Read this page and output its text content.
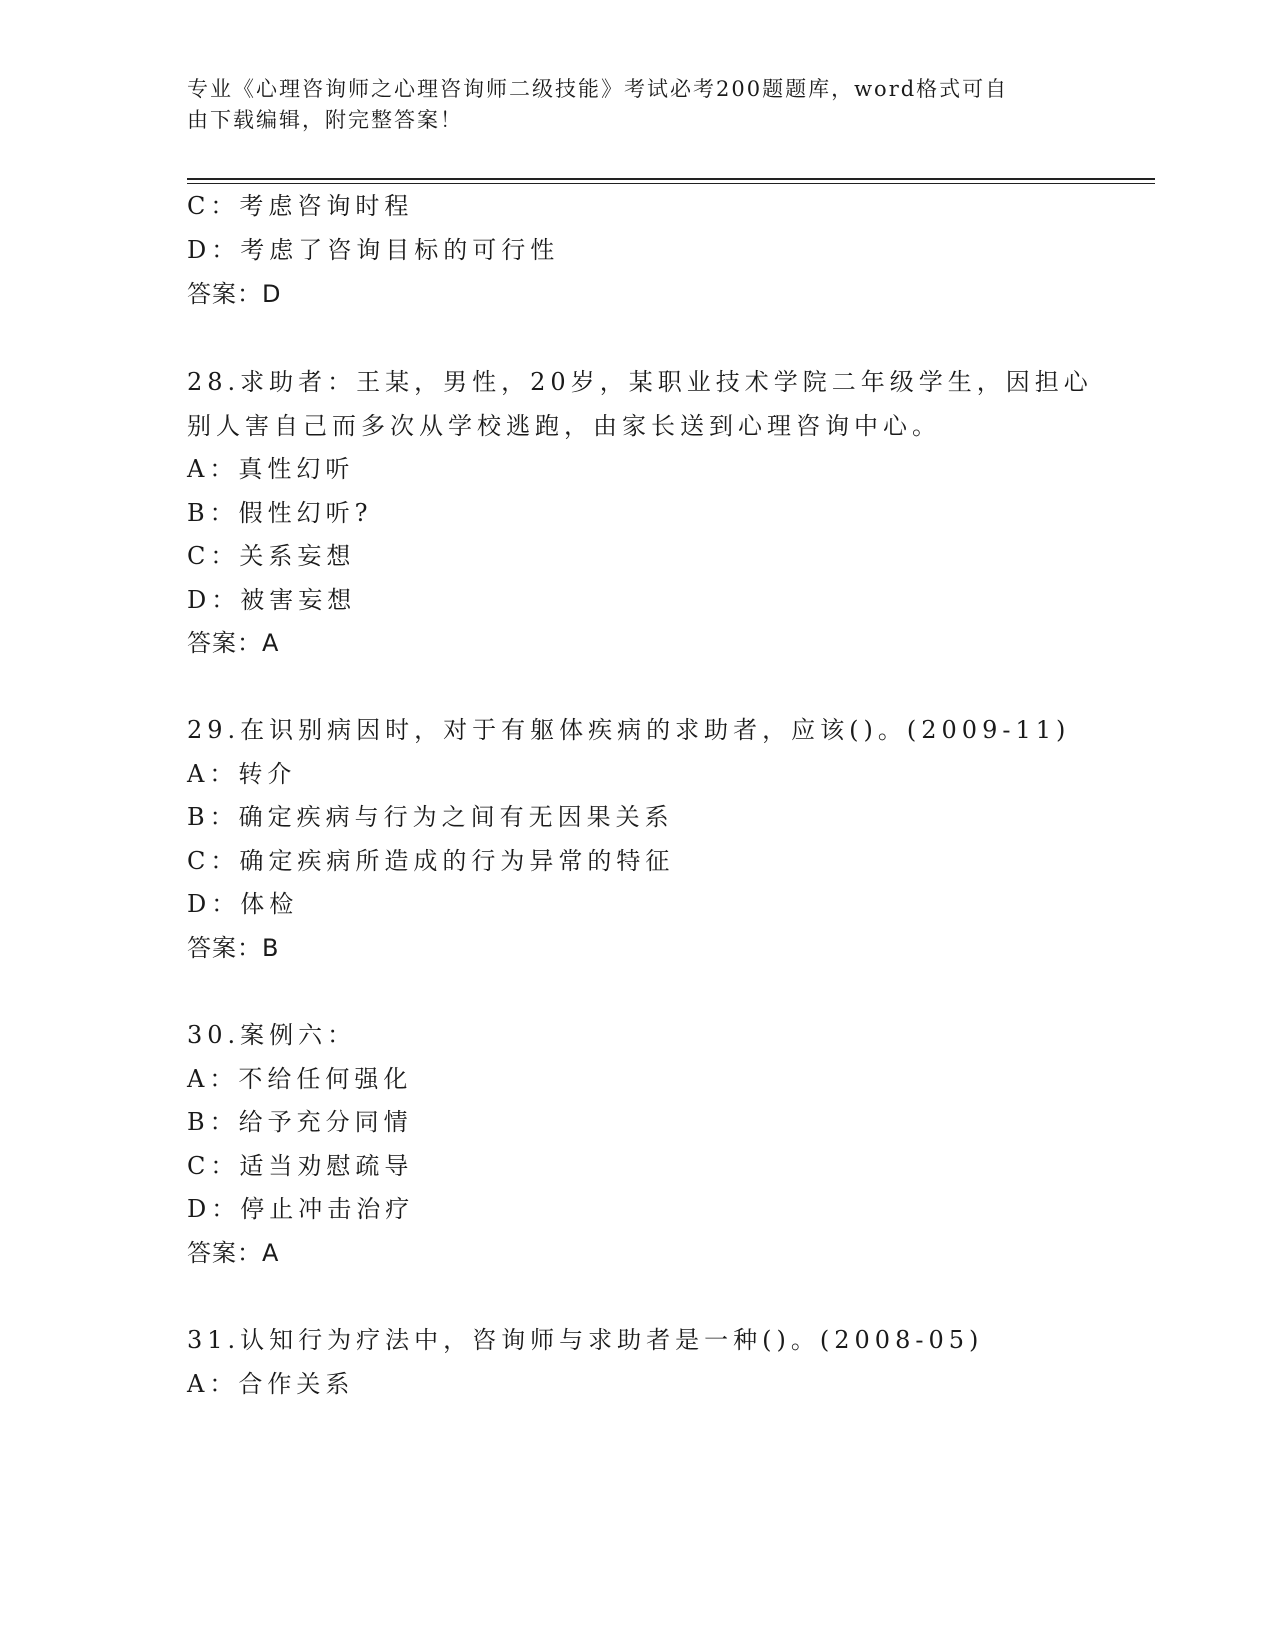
专业《心理咨询师之心理咨询师二级技能》考试必考200题题库，word格式可自
由下载编辑，附完整答案！
C：考虑咨询时程
D：考虑了咨询目标的可行性
答案：D
28.求助者：王某，男性，20岁，某职业技术学院二年级学生，因担心
别人害自己而多次从学校逃跑，由家长送到心理咨询中心。
A：真性幻听
B：假性幻听?
C：关系妄想
D：被害妄想
答案：A
29.在识别病因时，对于有躯体疾病的求助者，应该()。(2009-11)
A：转介
B：确定疾病与行为之间有无因果关系
C：确定疾病所造成的行为异常的特征
D：体检
答案：B
30.案例六：
A：不给任何强化
B：给予充分同情
C：适当劝慰疏导
D：停止冲击治疗
答案：A
31.认知行为疗法中，咨询师与求助者是一种()。(2008-05)
A：合作关系
